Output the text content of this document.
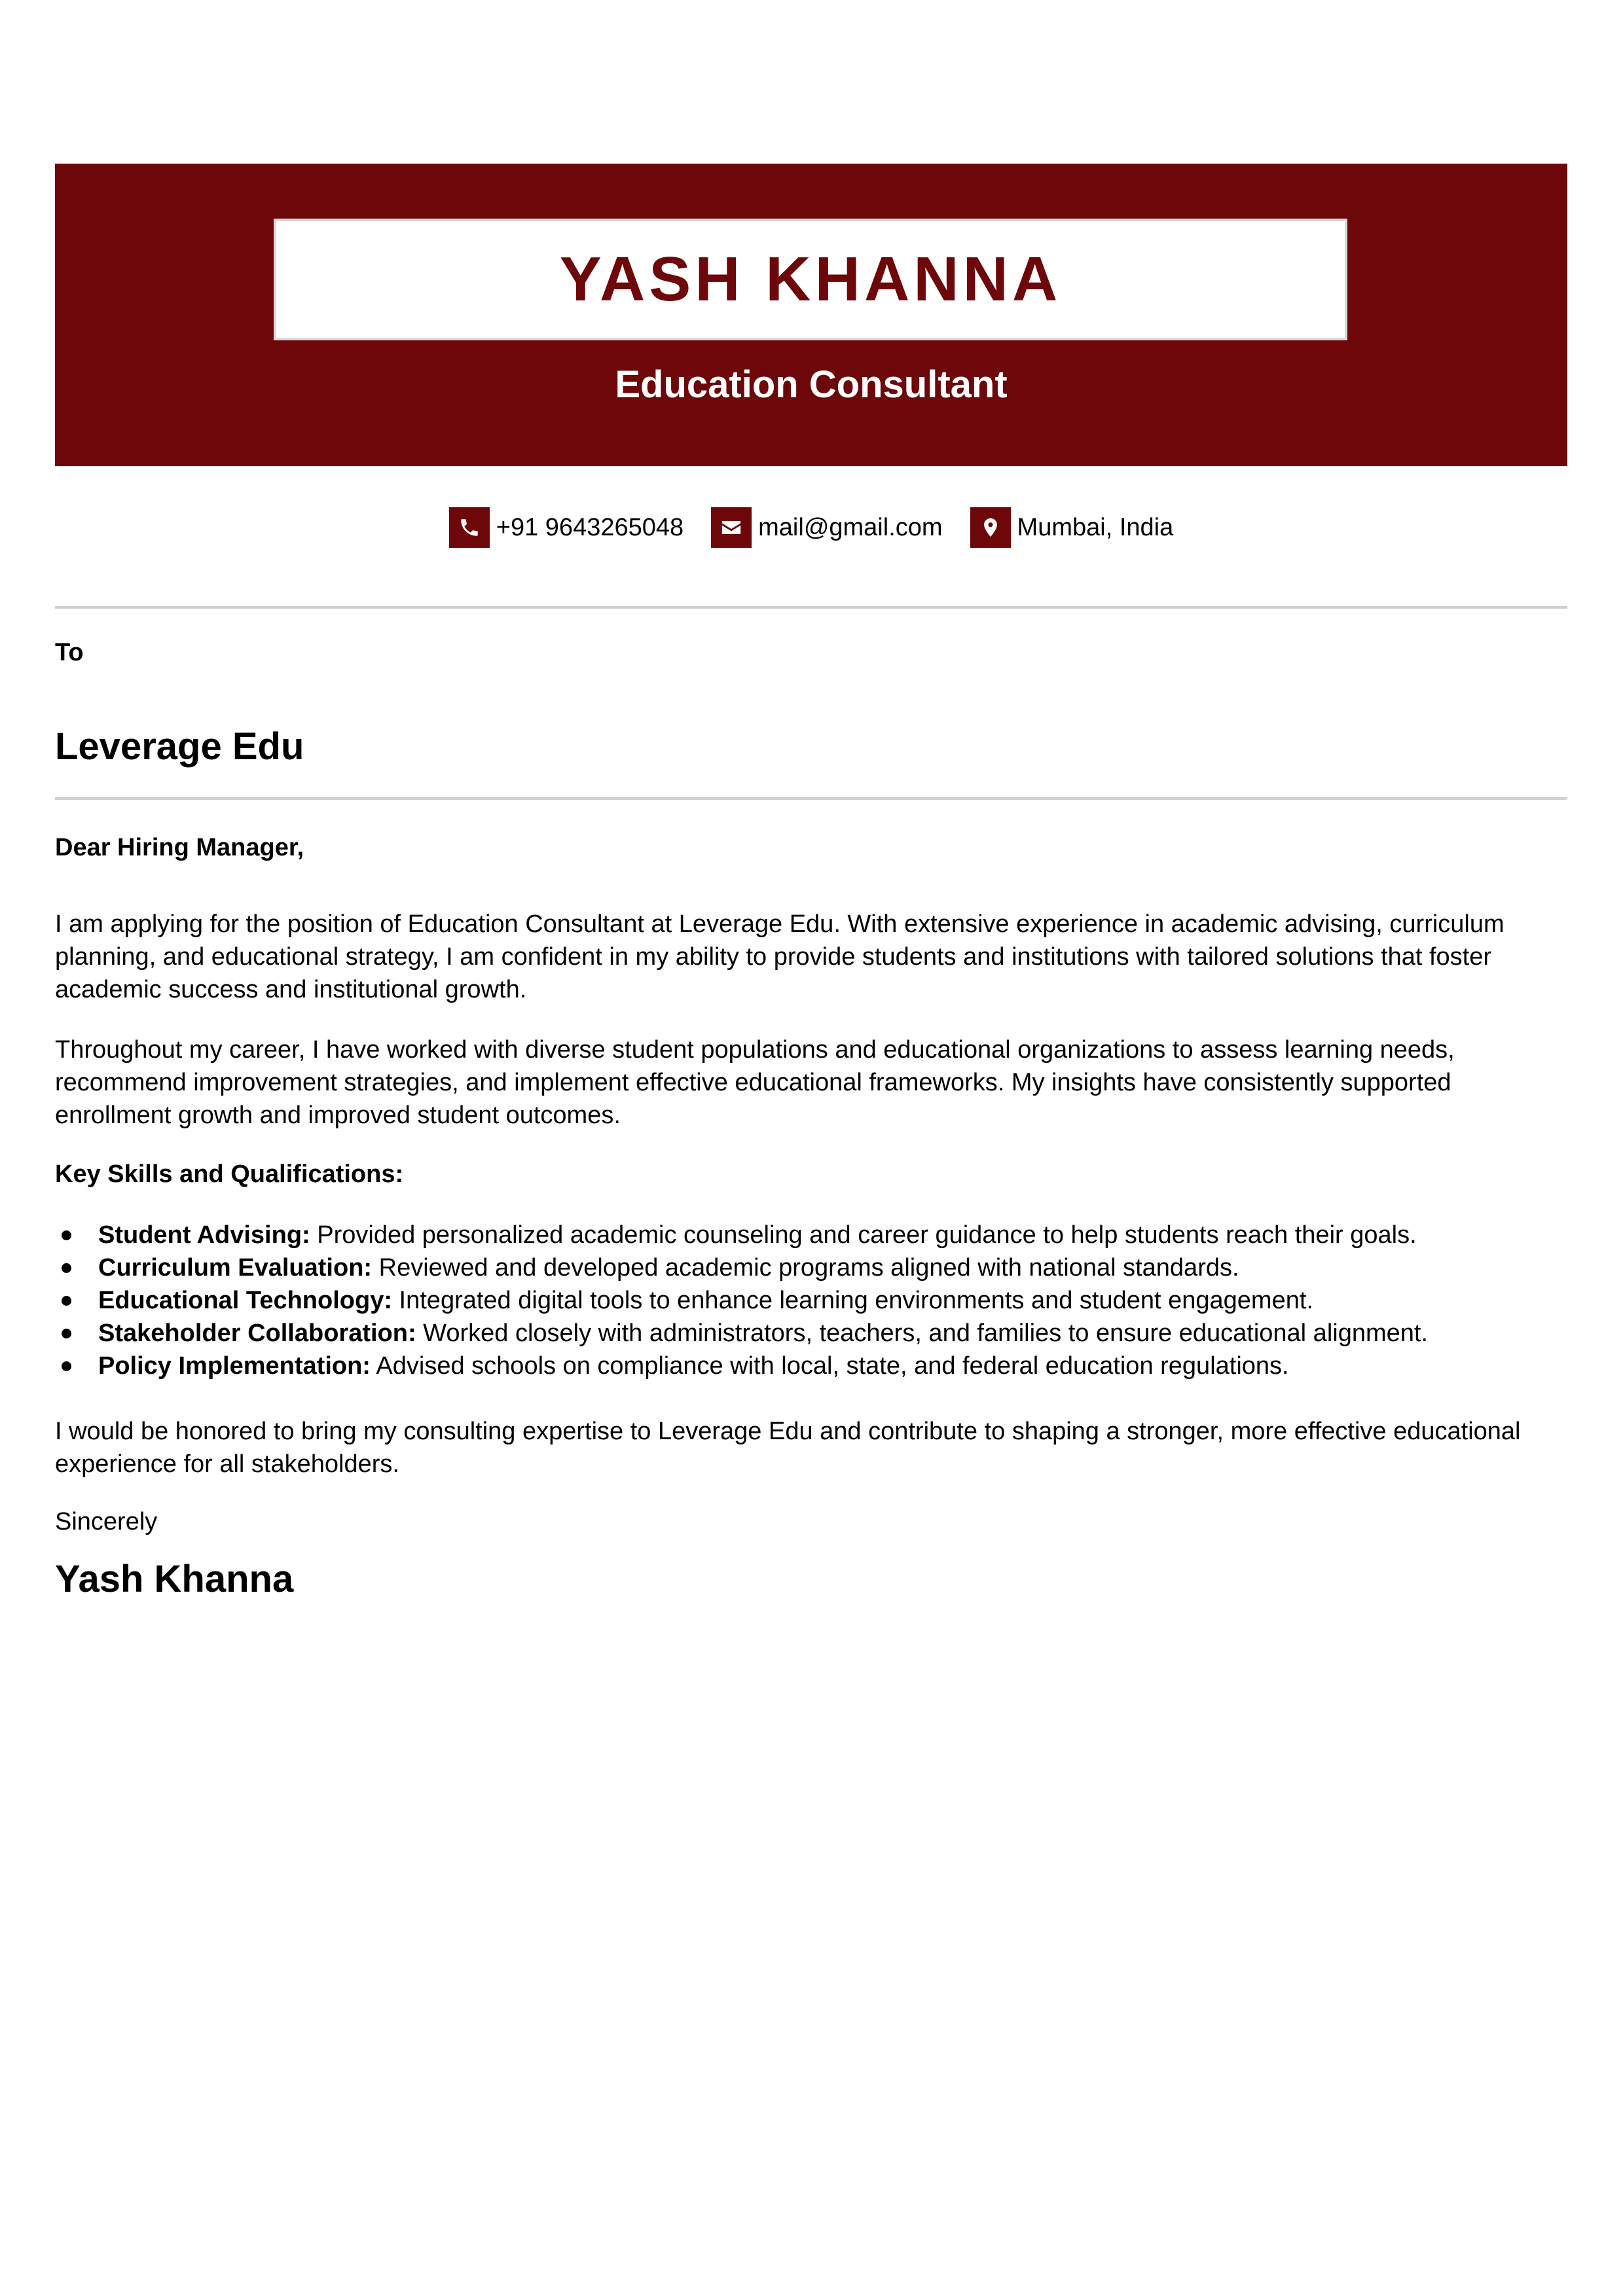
YASH KHANNA
Education Consultant
+91 9643265048	mail@gmail.com	Mumbai, India
To
Leverage Edu
Dear Hiring Manager,

I am applying for the position of Education Consultant at Leverage Edu. With extensive experience in academic advising, curriculum planning, and educational strategy, I am confident in my ability to provide students and institutions with tailored solutions that foster academic success and institutional growth.

Throughout my career, I have worked with diverse student populations and educational organizations to assess learning needs, recommend improvement strategies, and implement effective educational frameworks. My insights have consistently supported enrollment growth and improved student outcomes.

Key Skills and Qualifications:
Student Advising: Provided personalized academic counseling and career guidance to help students reach their goals.
Curriculum Evaluation: Reviewed and developed academic programs aligned with national standards.
Educational Technology: Integrated digital tools to enhance learning environments and student engagement.
Stakeholder Collaboration: Worked closely with administrators, teachers, and families to ensure educational alignment.
Policy Implementation: Advised schools on compliance with local, state, and federal education regulations.

I would be honored to bring my consulting expertise to Leverage Edu and contribute to shaping a stronger, more effective educational experience for all stakeholders.

Sincerely
Yash Khanna
